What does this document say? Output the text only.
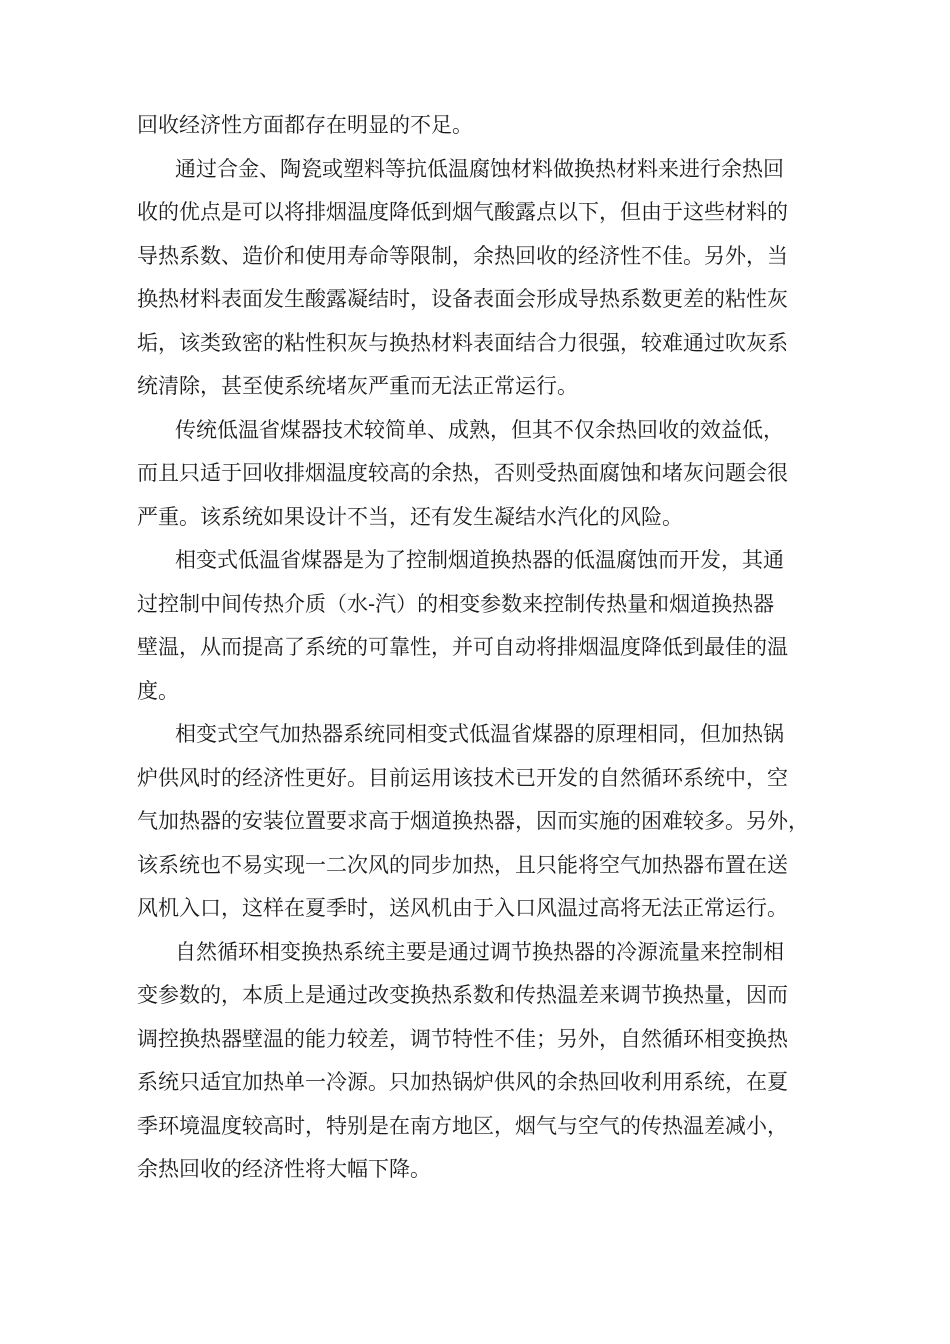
回收经济性方面都存在明显的不足。
通过合金、陶瓷或塑料等抗低温腐蚀材料做换热材料来进行余热回
收的优点是可以将排烟温度降低到烟气酸露点以下，但由于这些材料的
导热系数、造价和使用寿命等限制，余热回收的经济性不佳。另外，当
换热材料表面发生酸露凝结时，设备表面会形成导热系数更差的粘性灰
垢，该类致密的粘性积灰与换热材料表面结合力很强，较难通过吹灰系
统清除，甚至使系统堵灰严重而无法正常运行。
传统低温省煤器技术较简单、成熟，但其不仅余热回收的效益低，
而且只适于回收排烟温度较高的余热，否则受热面腐蚀和堵灰问题会很
严重。该系统如果设计不当，还有发生凝结水汽化的风险。
相变式低温省煤器是为了控制烟道换热器的低温腐蚀而开发，其通
过控制中间传热介质（水-汽）的相变参数来控制传热量和烟道换热器
壁温，从而提高了系统的可靠性，并可自动将排烟温度降低到最佳的温
度。
相变式空气加热器系统同相变式低温省煤器的原理相同，但加热锅
炉供风时的经济性更好。目前运用该技术已开发的自然循环系统中，空
气加热器的安装位置要求高于烟道换热器，因而实施的困难较多。另外，
该系统也不易实现一二次风的同步加热，且只能将空气加热器布置在送
风机入口，这样在夏季时，送风机由于入口风温过高将无法正常运行。
自然循环相变换热系统主要是通过调节换热器的冷源流量来控制相
变参数的，本质上是通过改变换热系数和传热温差来调节换热量，因而
调控换热器壁温的能力较差，调节特性不佳；另外，自然循环相变换热
系统只适宜加热单一冷源。只加热锅炉供风的余热回收利用系统，在夏
季环境温度较高时，特别是在南方地区，烟气与空气的传热温差减小，
余热回收的经济性将大幅下降。
